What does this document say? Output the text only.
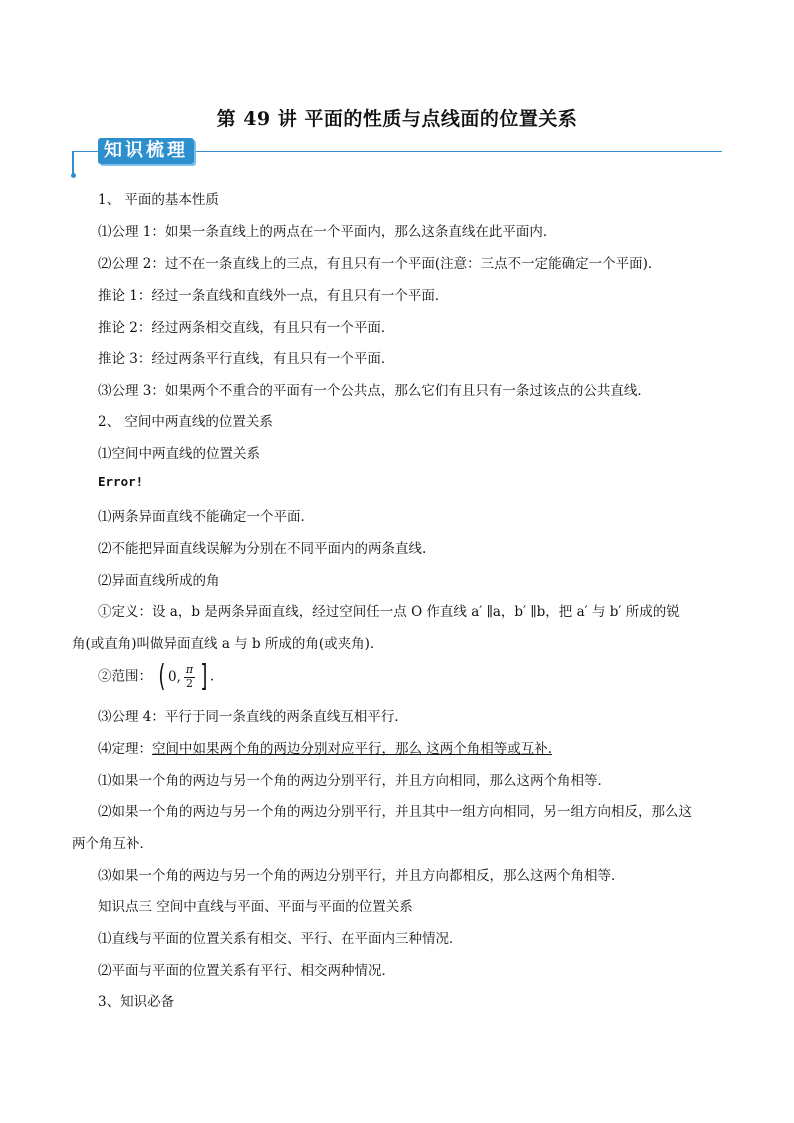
第 49 讲 平面的性质与点线面的位置关系
知识梳理
1、 平面的基本性质
⑴公理 1：如果一条直线上的两点在一个平面内，那么这条直线在此平面内．
⑵公理 2：过不在一条直线上的三点，有且只有一个平面(注意：三点不一定能确定一个平面)．
推论 1：经过一条直线和直线外一点，有且只有一个平面．
推论 2：经过两条相交直线，有且只有一个平面．
推论 3：经过两条平行直线，有且只有一个平面．
⑶公理 3：如果两个不重合的平面有一个公共点，那么它们有且只有一条过该点的公共直线．
2、 空间中两直线的位置关系
⑴空间中两直线的位置关系
Error!
⑴两条异面直线不能确定一个平面．
⑵不能把异面直线误解为分别在不同平面内的两条直线.
⑵异面直线所成的角
①定义：设 a，b 是两条异面直线，经过空间任一点 O 作直线 a′ ∥a，b′ ∥b，把 a′ 与 b′ 所成的锐
角(或直角)叫做异面直线 a 与 b 所成的角(或夹角)．
②范围： ( 0, $\frac{\pi}{2}$ ] .
⑶公理 4：平行于同一条直线的两条直线互相平行．
⑷定理：空间中如果两个角的两边分别对应平行，那么 这两个角相等或互补.
⑴如果一个角的两边与另一个角的两边分别平行，并且方向相同，那么这两个角相等．
⑵如果一个角的两边与另一个角的两边分别平行，并且其中一组方向相同，另一组方向相反，那么这
两个角互补．
⑶如果一个角的两边与另一个角的两边分别平行，并且方向都相反，那么这两个角相等．
知识点三 空间中直线与平面、平面与平面的位置关系
⑴直线与平面的位置关系有相交、平行、在平面内三种情况．
⑵平面与平面的位置关系有平行、相交两种情况．
3、知识必备
